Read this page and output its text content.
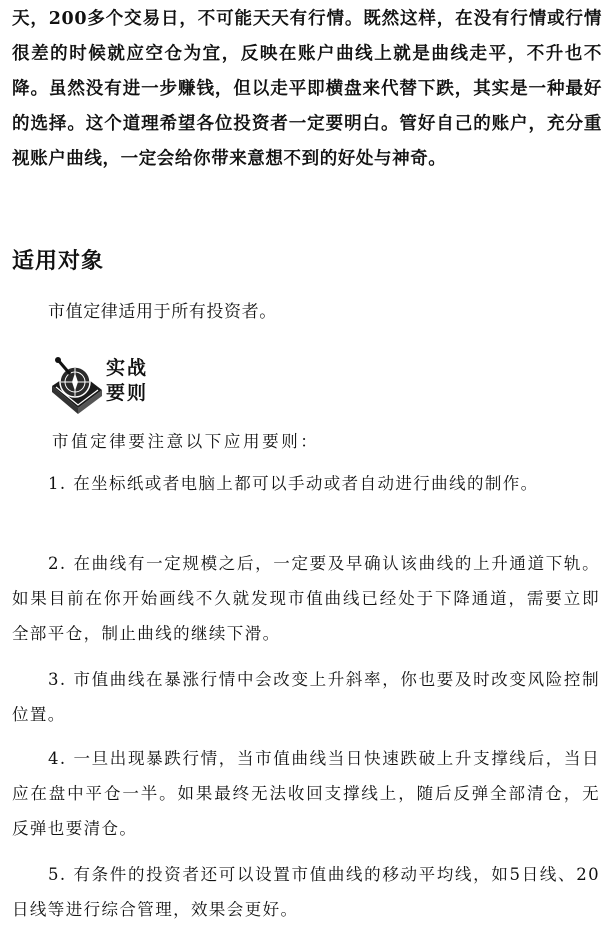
天，200多个交易日，不可能天天有行情。既然这样，在没有行情或行情很差的时候就应空仓为宜，反映在账户曲线上就是曲线走平，不升也不降。虽然没有进一步赚钱，但以走平即横盘来代替下跌，其实是一种最好的选择。这个道理希望各位投资者一定要明白。管好自己的账户，充分重视账户曲线，一定会给你带来意想不到的好处与神奇。

适用对象

市值定律适用于所有投资者。

实战
要则

市值定律要注意以下应用要则：

1. 在坐标纸或者电脑上都可以手动或者自动进行曲线的制作。

2. 在曲线有一定规模之后，一定要及早确认该曲线的上升通道下轨。如果目前在你开始画线不久就发现市值曲线已经处于下降通道，需要立即全部平仓，制止曲线的继续下滑。

3. 市值曲线在暴涨行情中会改变上升斜率，你也要及时改变风险控制位置。

4. 一旦出现暴跌行情，当市值曲线当日快速跌破上升支撑线后，当日应在盘中平仓一半。如果最终无法收回支撑线上，随后反弹全部清仓，无反弹也要清仓。

5. 有条件的投资者还可以设置市值曲线的移动平均线，如5日线、20日线等进行综合管理，效果会更好。
